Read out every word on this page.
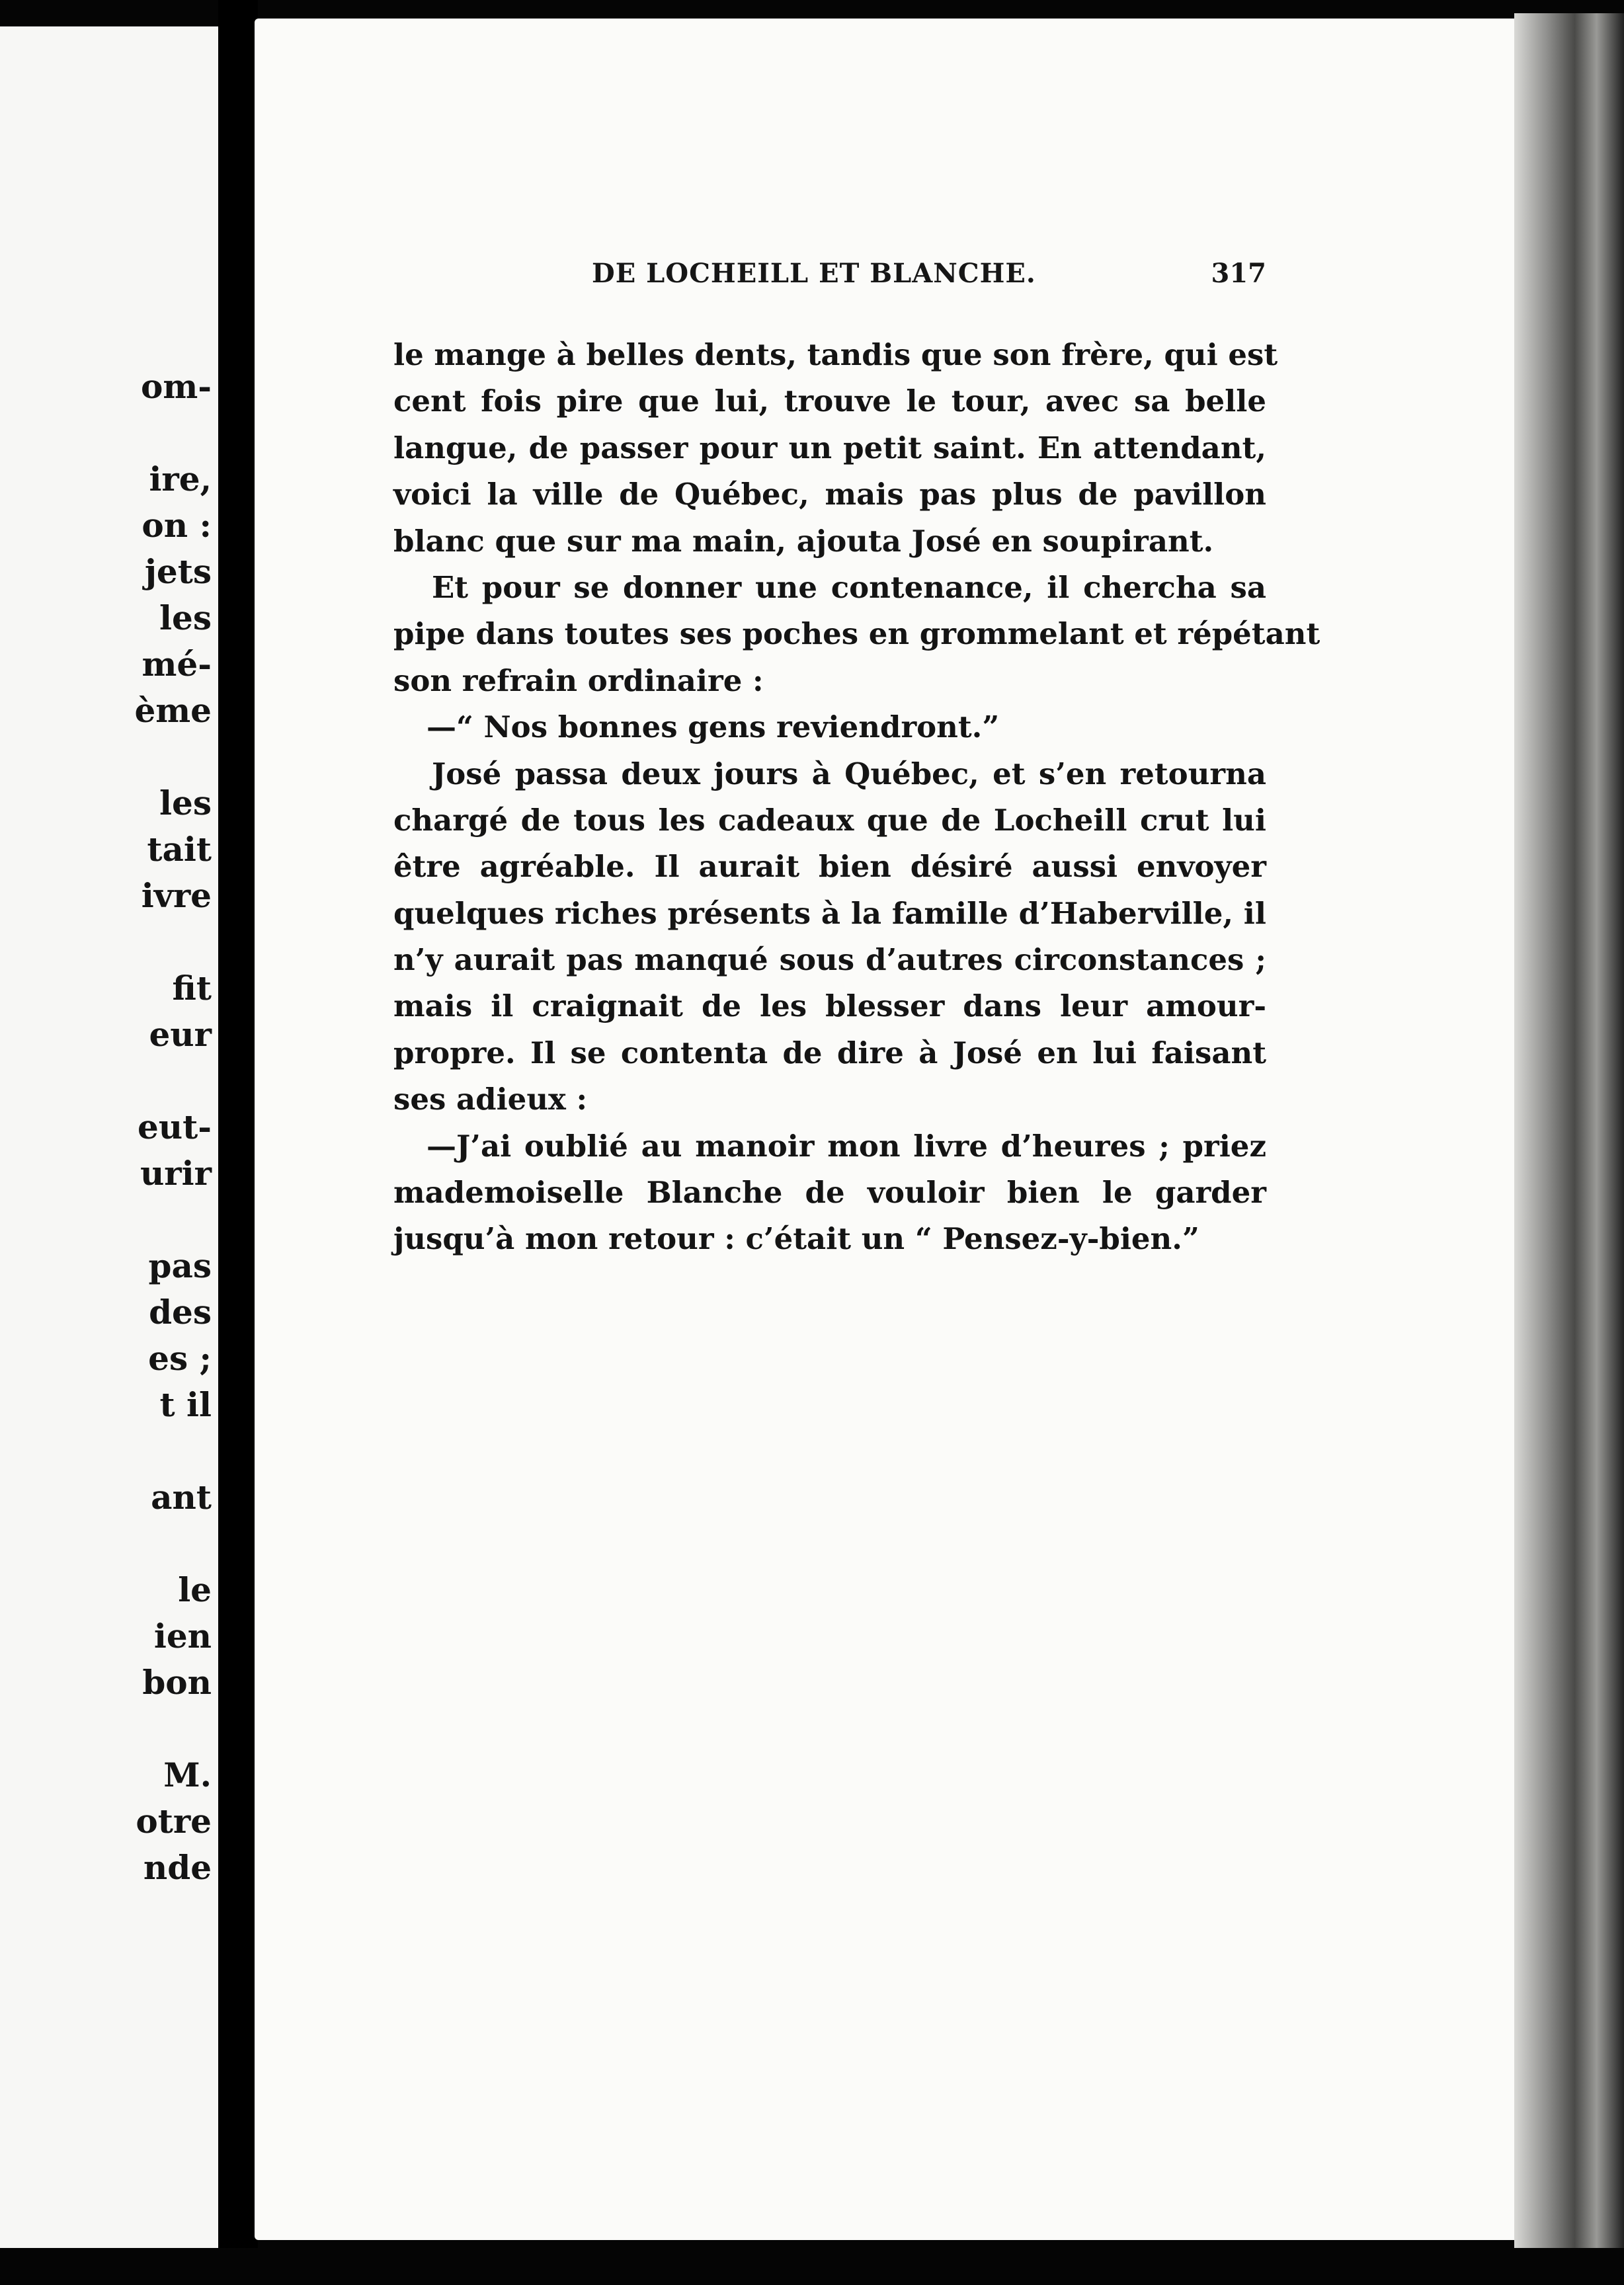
om-
ire,
on :
jets
les
mé-
ème
les
tait
ivre
fit
eur
eut-
urir
pas
des
es ;
t il
ant
le
ien
bon
M.
otre
nde
DE LOCHEILL ET BLANCHE.	317
le mange à belles dents, tandis que son frère, qui est
cent fois pire que lui, trouve le tour, avec sa belle
langue, de passer pour un petit saint. En attendant,
voici la ville de Québec, mais pas plus de pavillon
blanc que sur ma main, ajouta José en soupirant.
Et pour se donner une contenance, il chercha sa
pipe dans toutes ses poches en grommelant et répétant
son refrain ordinaire :
—“ Nos bonnes gens reviendront.”
José passa deux jours à Québec, et s’en retourna
chargé de tous les cadeaux que de Locheill crut lui
être agréable. Il aurait bien désiré aussi envoyer
quelques riches présents à la famille d’Haberville, il
n’y aurait pas manqué sous d’autres circonstances ;
mais il craignait de les blesser dans leur amour-
propre. Il se contenta de dire à José en lui faisant
ses adieux :
—J’ai oublié au manoir mon livre d’heures ; priez
mademoiselle Blanche de vouloir bien le garder
jusqu’à mon retour : c’était un “ Pensez-y-bien.”
